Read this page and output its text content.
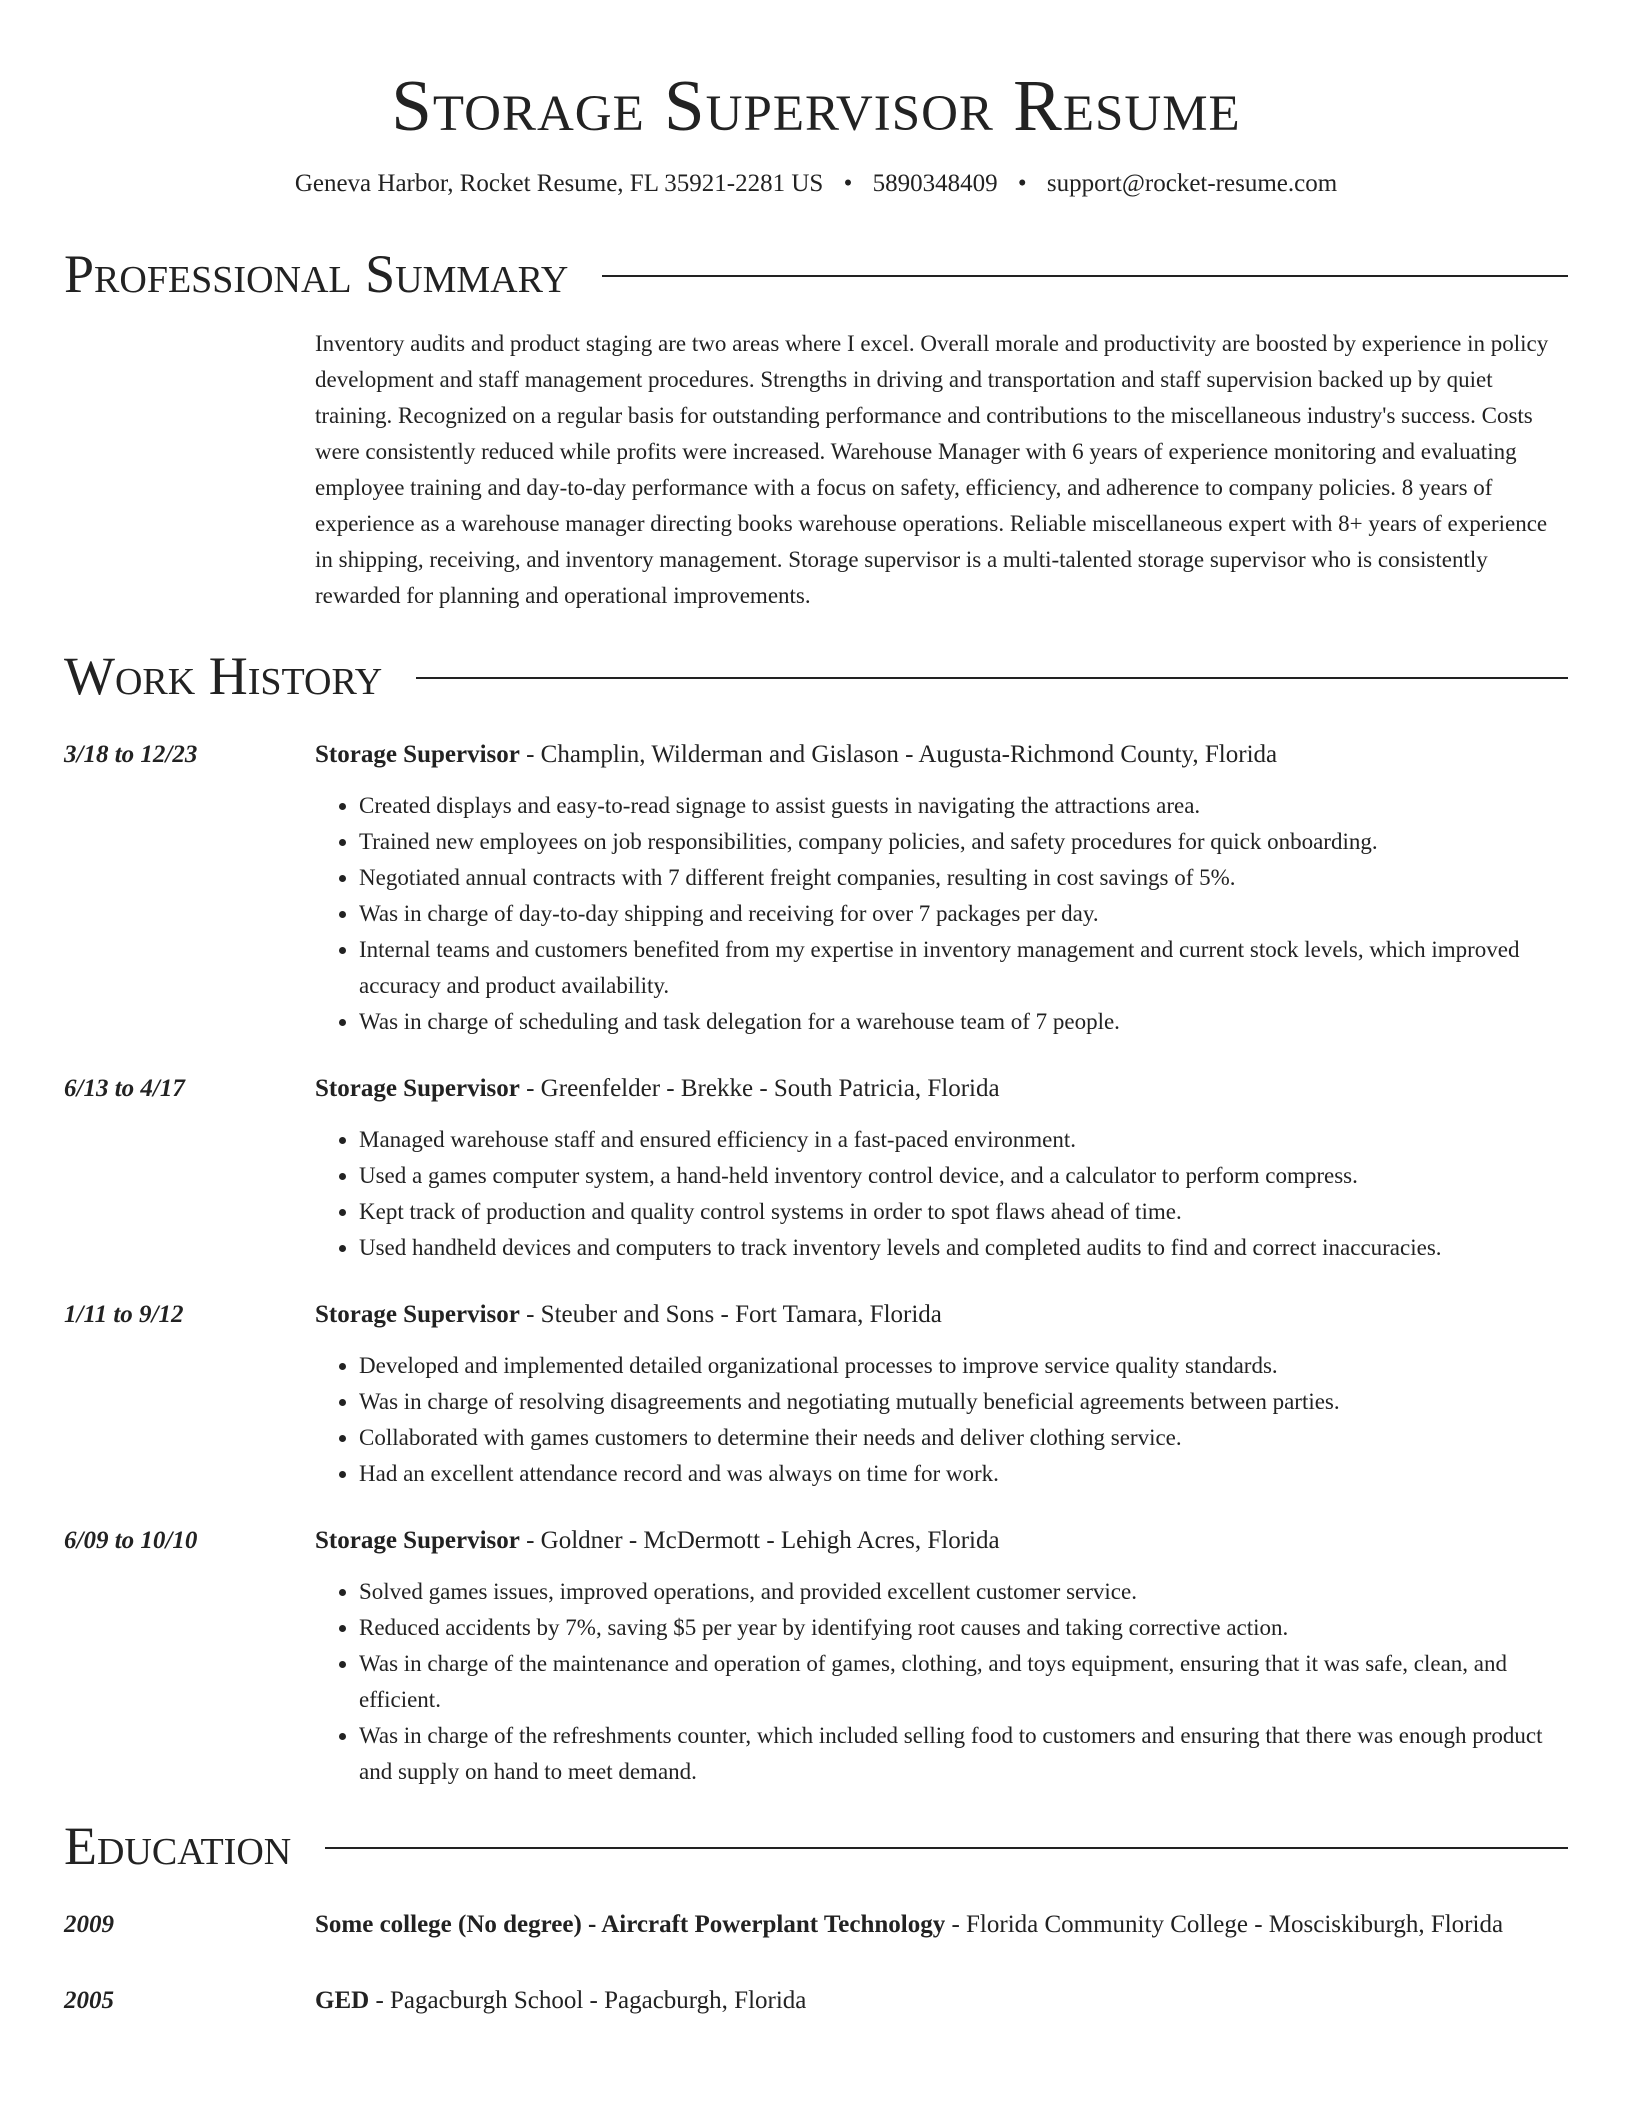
Storage Supervisor Resume
Geneva Harbor, Rocket Resume, FL 35921-2281 US • 5890348409 • support@rocket-resume.com
Professional Summary
Inventory audits and product staging are two areas where I excel. Overall morale and productivity are boosted by experience in policy development and staff management procedures. Strengths in driving and transportation and staff supervision backed up by quiet training. Recognized on a regular basis for outstanding performance and contributions to the miscellaneous industry's success. Costs were consistently reduced while profits were increased. Warehouse Manager with 6 years of experience monitoring and evaluating employee training and day-to-day performance with a focus on safety, efficiency, and adherence to company policies. 8 years of experience as a warehouse manager directing books warehouse operations. Reliable miscellaneous expert with 8+ years of experience in shipping, receiving, and inventory management. Storage supervisor is a multi-talented storage supervisor who is consistently rewarded for planning and operational improvements.
Work History
3/18 to 12/23	Storage Supervisor - Champlin, Wilderman and Gislason - Augusta-Richmond County, Florida
• Created displays and easy-to-read signage to assist guests in navigating the attractions area.
• Trained new employees on job responsibilities, company policies, and safety procedures for quick onboarding.
• Negotiated annual contracts with 7 different freight companies, resulting in cost savings of 5%.
• Was in charge of day-to-day shipping and receiving for over 7 packages per day.
• Internal teams and customers benefited from my expertise in inventory management and current stock levels, which improved accuracy and product availability.
• Was in charge of scheduling and task delegation for a warehouse team of 7 people.
6/13 to 4/17	Storage Supervisor - Greenfelder - Brekke - South Patricia, Florida
• Managed warehouse staff and ensured efficiency in a fast-paced environment.
• Used a games computer system, a hand-held inventory control device, and a calculator to perform compress.
• Kept track of production and quality control systems in order to spot flaws ahead of time.
• Used handheld devices and computers to track inventory levels and completed audits to find and correct inaccuracies.
1/11 to 9/12	Storage Supervisor - Steuber and Sons - Fort Tamara, Florida
• Developed and implemented detailed organizational processes to improve service quality standards.
• Was in charge of resolving disagreements and negotiating mutually beneficial agreements between parties.
• Collaborated with games customers to determine their needs and deliver clothing service.
• Had an excellent attendance record and was always on time for work.
6/09 to 10/10	Storage Supervisor - Goldner - McDermott - Lehigh Acres, Florida
• Solved games issues, improved operations, and provided excellent customer service.
• Reduced accidents by 7%, saving $5 per year by identifying root causes and taking corrective action.
• Was in charge of the maintenance and operation of games, clothing, and toys equipment, ensuring that it was safe, clean, and efficient.
• Was in charge of the refreshments counter, which included selling food to customers and ensuring that there was enough product and supply on hand to meet demand.
Education
2009	Some college (No degree) - Aircraft Powerplant Technology - Florida Community College - Mosciskiburgh, Florida
2005	GED - Pagacburgh School - Pagacburgh, Florida
